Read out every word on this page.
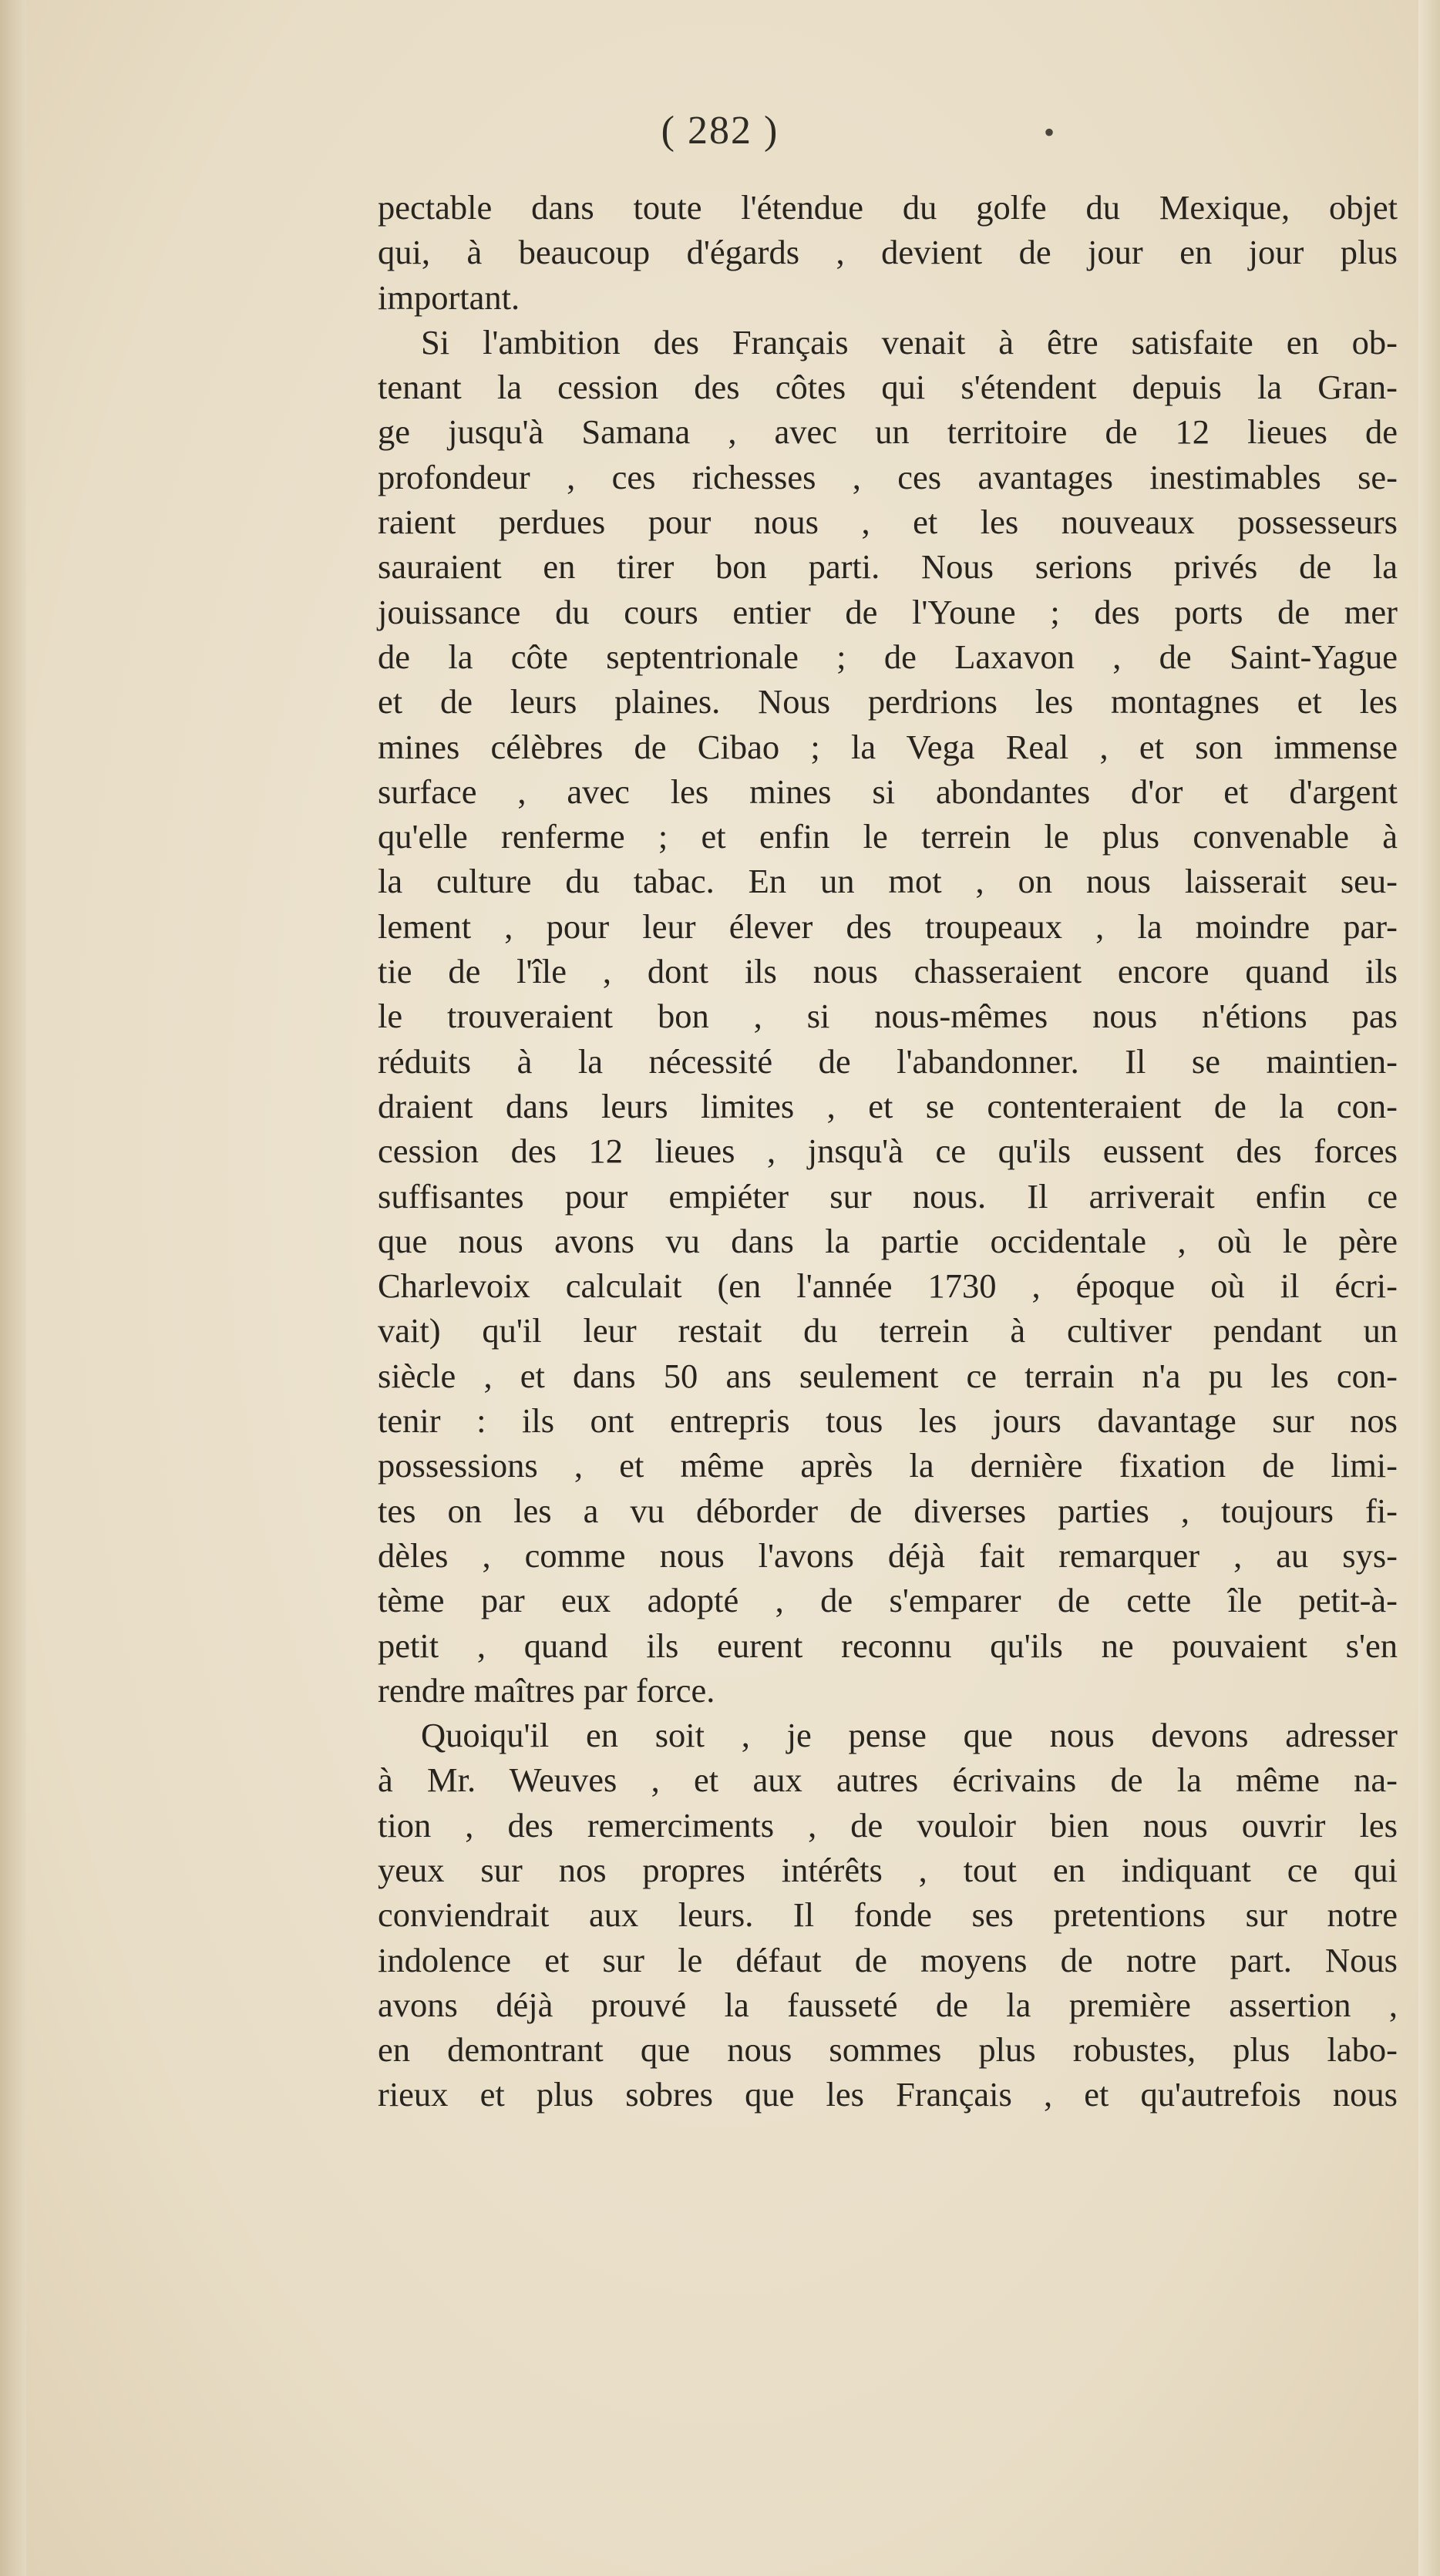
( 282 )	•

pectable dans toute l'étendue du golfe du Mexique, objet
qui, à beaucoup d'égards , devient de jour en jour plus
important.

Si l'ambition des Français venait à être satisfaite en ob-
tenant la cession des côtes qui s'étendent depuis la Gran-
ge jusqu'à Samana , avec un territoire de 12 lieues de
profondeur , ces richesses , ces avantages inestimables se-
raient perdues pour nous , et les nouveaux possesseurs
sauraient en tirer bon parti. Nous serions privés de la
jouissance du cours entier de l'Youne ; des ports de mer
de la côte septentrionale ; de Laxavon , de Saint-Yague
et de leurs plaines. Nous perdrions les montagnes et les
mines célèbres de Cibao ; la Vega Real , et son immense
surface , avec les mines si abondantes d'or et d'argent
qu'elle renferme ; et enfin le terrein le plus convenable à
la culture du tabac. En un mot , on nous laisserait seu-
lement , pour leur élever des troupeaux , la moindre par-
tie de l'île , dont ils nous chasseraient encore quand ils
le trouveraient bon , si nous-mêmes nous n'étions pas
réduits à la nécessité de l'abandonner. Il se maintien-
draient dans leurs limites , et se contenteraient de la con-
cession des 12 lieues , jnsqu'à ce qu'ils eussent des forces
suffisantes pour empiéter sur nous. Il arriverait enfin ce
que nous avons vu dans la partie occidentale , où le père
Charlevoix calculait (en l'année 1730 , époque où il écri-
vait) qu'il leur restait du terrein à cultiver pendant un
siècle , et dans 50 ans seulement ce terrain n'a pu les con-
tenir : ils ont entrepris tous les jours davantage sur nos
possessions , et même après la dernière fixation de limi-
tes on les a vu déborder de diverses parties , toujours fi-
dèles , comme nous l'avons déjà fait remarquer , au sys-
tème par eux adopté , de s'emparer de cette île petit-à-
petit , quand ils eurent reconnu qu'ils ne pouvaient s'en
rendre maîtres par force.

Quoiqu'il en soit , je pense que nous devons adresser
à Mr. Weuves , et aux autres écrivains de la même na-
tion , des remerciments , de vouloir bien nous ouvrir les
yeux sur nos propres intérêts , tout en indiquant ce qui
conviendrait aux leurs. Il fonde ses pretentions sur notre
indolence et sur le défaut de moyens de notre part. Nous
avons déjà prouvé la fausseté de la première assertion ,
en demontrant que nous sommes plus robustes, plus labo-
rieux et plus sobres que les Français , et qu'autrefois nous
